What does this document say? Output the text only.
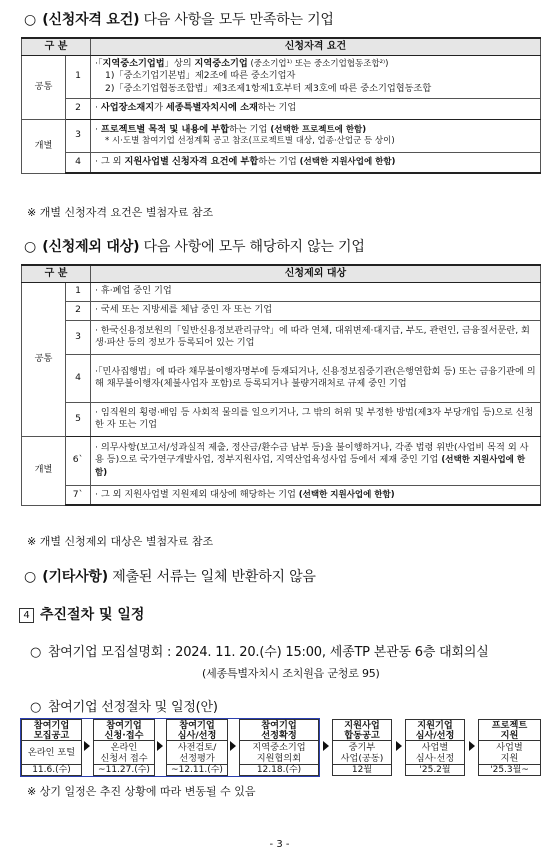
○ (신청자격 요건) 다음 사항을 모두 만족하는 기업
구 분		신청자격 요건
공통	1	·「지역중소기업법」상의 지역중소기업 (중소기업¹⁾ 또는 중소기업협동조합²⁾)
1)「중소기업기본법」제2조에 따른 중소기업자
2)「중소기업협동조합법」제3조제1항제1호부터 제3호에 따른 중소기업협동조합

	2	· 사업장소재지가 세종특별자치시에 소재하는 기업
개별	3	· 프로젝트별 목적 및 내용에 부합하는 기업 (선택한 프로젝트에 한함)
* 시·도별 참여기업 선정계획 공고 참조(프로젝트별 대상, 업종·산업군 등 상이)

	4	· 그 외 지원사업별 신청자격 요건에 부합하는 기업 (선택한 지원사업에 한함)
※ 개별 신청자격 요건은 별첨자료 참조
○ (신청제외 대상) 다음 사항에 모두 해당하지 않는 기업
구 분		신청제외 대상
공통	1	· 휴·폐업 중인 기업
	2	· 국세 또는 지방세를 체납 중인 자 또는 기업
	3	· 한국신용정보원의「일반신용정보관리규약」에 따라 연체, 대위변제·대지급, 부도, 관련인, 금융질서문란, 회생·파산 등의 정보가 등록되어 있는 기업
	4	·「민사집행법」에 따라 채무불이행자명부에 등재되거나, 신용정보집중기관(은행연합회 등) 또는 금융기관에 의해 채무불이행자(체불사업자 포함)로 등록되거나 불량거래처로 규제 중인 기업
	5	· 임직원의 횡령·배임 등 사회적 물의를 일으키거나, 그 밖의 허위 및 부정한 방법(제3자 부당개입 등)으로 신청한 자 또는 기업
개별	6`	· 의무사항(보고서/성과실적 제출, 정산금/환수금 납부 등)을 불이행하거나, 각종 법령 위반(사업비 목적 외 사용 등)으로 국가연구개발사업, 정부지원사업, 지역산업육성사업 등에서 제재 중인 기업 (선택한 지원사업에 한함)
	7`	· 그 외 지원사업별 지원제외 대상에 해당하는 기업 (선택한 지원사업에 한함)
※ 개별 신청제외 대상은 별첨자료 참조
○ (기타사항) 제출된 서류는 일체 반환하지 않음
4 추진절차 및 일정
○ 참여기업 모집설명회 : 2024. 11. 20.(수) 15:00, 세종TP 본관동 6층 대회의실
(세종특별자치시 조치원읍 군청로 95)
○ 참여기업 선정절차 및 일정(안)
참여기업
모집공고
온라인 포털
11.6.(수)
참여기업
신청·접수
온라인
신청서 접수
~11.27.(수)
참여기업
심사/선정
사전검토/
선정평가
~12.11.(수)
참여기업
선정확정
지역중소기업
지원협의회
12.18.(수)
지원사업
합동공고
중기부
사업(공동)
12월
지원기업
심사/선정
사업별
심사·선정
'25.2월
프로젝트
지원
사업별
지원
'25.3월~
※ 상기 일정은 추진 상황에 따라 변동될 수 있음
- 3 -
